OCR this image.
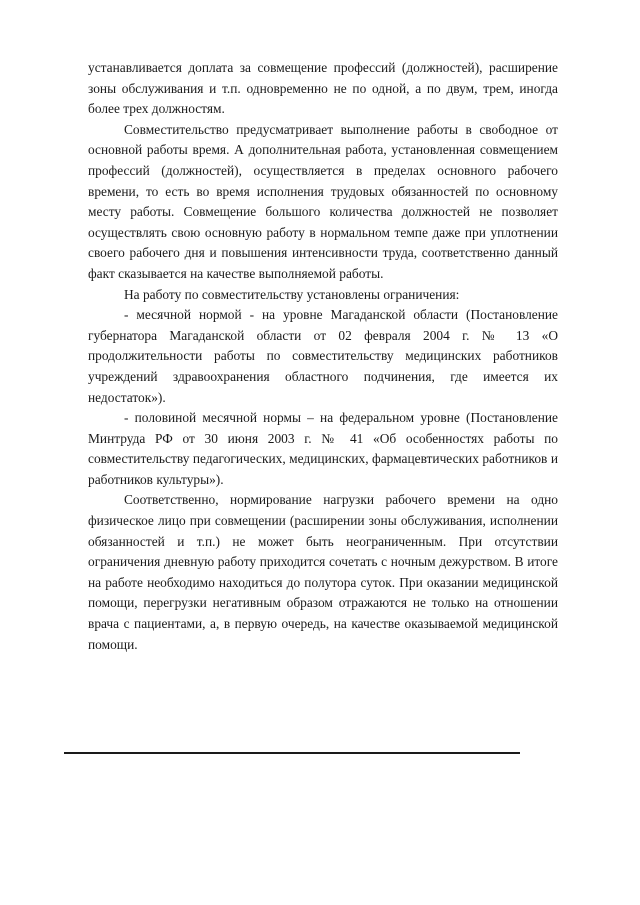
устанавливается доплата за совмещение профессий (должностей), расширение зоны обслуживания и т.п. одновременно не по одной, а по двум, трем, иногда более трех должностям.

Совместительство предусматривает выполнение работы в свободное от основной работы время. А дополнительная работа, установленная совмещением профессий (должностей), осуществляется в пределах основного рабочего времени, то есть во время исполнения трудовых обязанностей по основному месту работы. Совмещение большого количества должностей не позволяет осуществлять свою основную работу в нормальном темпе даже при уплотнении своего рабочего дня и повышения интенсивности труда, соответственно данный факт сказывается на качестве выполняемой работы.

На работу по совместительству установлены ограничения:

- месячной нормой - на уровне Магаданской области (Постановление губернатора Магаданской области от 02 февраля 2004 г. № 13 «О продолжительности работы по совместительству медицинских работников учреждений здравоохранения областного подчинения, где имеется их недостаток»).

- половиной месячной нормы – на федеральном уровне (Постановление Минтруда РФ от 30 июня 2003 г. № 41 «Об особенностях работы по совместительству педагогических, медицинских, фармацевтических работников и работников культуры»).

Соответственно, нормирование нагрузки рабочего времени на одно физическое лицо при совмещении (расширении зоны обслуживания, исполнении обязанностей и т.п.) не может быть неограниченным. При отсутствии ограничения дневную работу приходится сочетать с ночным дежурством. В итоге на работе необходимо находиться до полутора суток. При оказании медицинской помощи, перегрузки негативным образом отражаются не только на отношении врача с пациентами, а, в первую очередь, на качестве оказываемой медицинской помощи.
